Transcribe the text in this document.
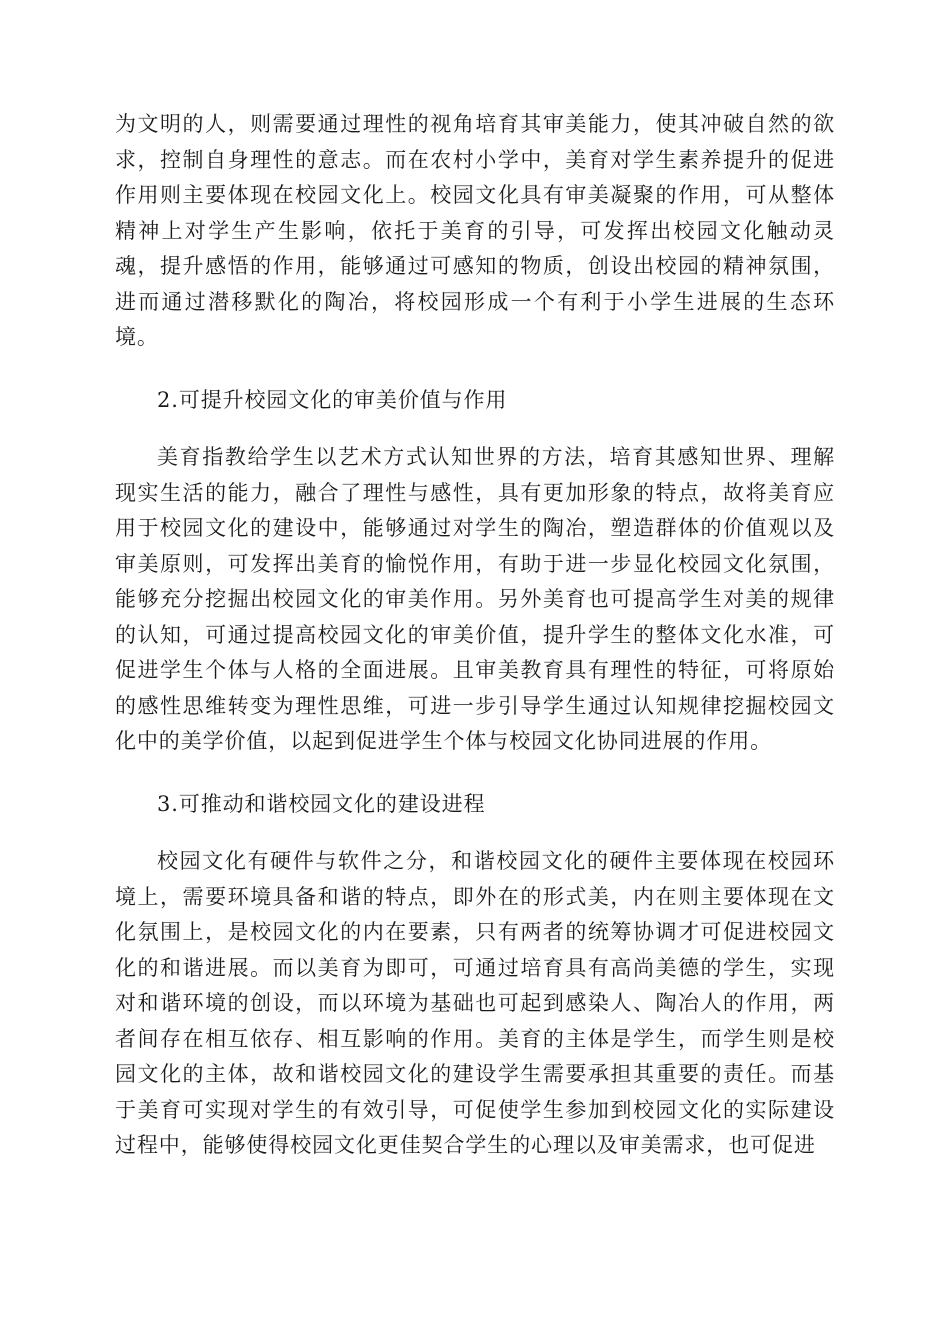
为文明的人，则需要通过理性的视角培育其审美能力，使其冲破自然的欲求，控制自身理性的意志。而在农村小学中，美育对学生素养提升的促进作用则主要体现在校园文化上。校园文化具有审美凝聚的作用，可从整体精神上对学生产生影响，依托于美育的引导，可发挥出校园文化触动灵魂，提升感悟的作用，能够通过可感知的物质，创设出校园的精神氛围，进而通过潜移默化的陶冶，将校园形成一个有利于小学生进展的生态环境。

2.可提升校园文化的审美价值与作用

美育指教给学生以艺术方式认知世界的方法，培育其感知世界、理解现实生活的能力，融合了理性与感性，具有更加形象的特点，故将美育应用于校园文化的建设中，能够通过对学生的陶冶，塑造群体的价值观以及审美原则，可发挥出美育的愉悦作用，有助于进一步显化校园文化氛围，能够充分挖掘出校园文化的审美作用。另外美育也可提高学生对美的规律的认知，可通过提高校园文化的审美价值，提升学生的整体文化水准，可促进学生个体与人格的全面进展。且审美教育具有理性的特征，可将原始的感性思维转变为理性思维，可进一步引导学生通过认知规律挖掘校园文化中的美学价值，以起到促进学生个体与校园文化协同进展的作用。

3.可推动和谐校园文化的建设进程

校园文化有硬件与软件之分，和谐校园文化的硬件主要体现在校园环境上，需要环境具备和谐的特点，即外在的形式美，内在则主要体现在文化氛围上，是校园文化的内在要素，只有两者的统筹协调才可促进校园文化的和谐进展。而以美育为即可，可通过培育具有高尚美德的学生，实现对和谐环境的创设，而以环境为基础也可起到感染人、陶冶人的作用，两者间存在相互依存、相互影响的作用。美育的主体是学生，而学生则是校园文化的主体，故和谐校园文化的建设学生需要承担其重要的责任。而基于美育可实现对学生的有效引导，可促使学生参加到校园文化的实际建设过程中，能够使得校园文化更佳契合学生的心理以及审美需求，也可促进
